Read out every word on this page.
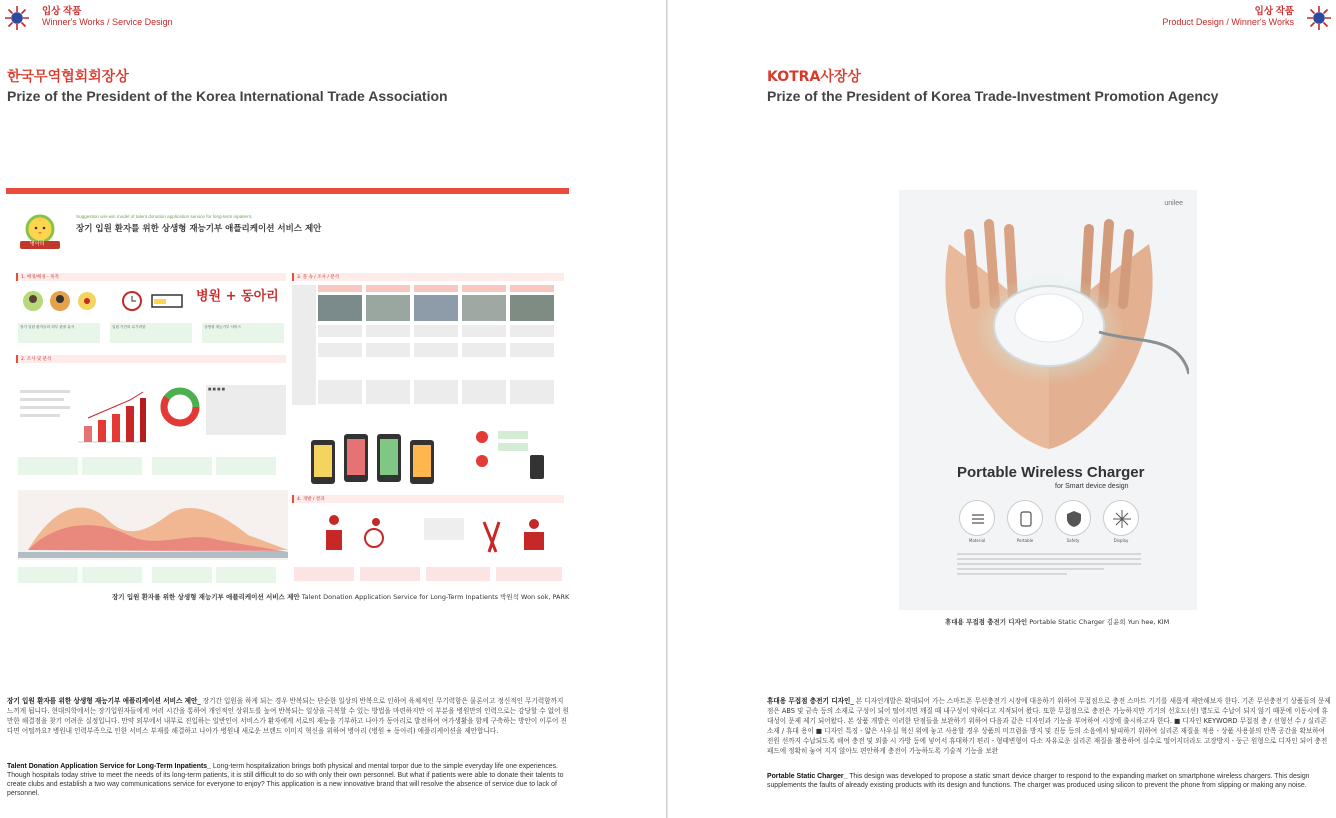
입상 작품
Winner's Works / Service Design
한국무역협회회장상
Prize of the President of the Korea International Trade Association
병아리
Suggestion win-win model of talent donation application service for long-term inpatient.
장기 입원 환자를 위한 상생형 재능기부 애플리케이션 서비스 제안
1. 배경/배경 - 목적
병원 + 동아리
장기 입원 환자들의 외부 관찰 분석	입원 기간의 무기력함	상생형 재능기부 서비스
2. 조사 및 분석
■ ■ ■ ■
3. 플 속 / 조사 / 분석
4. 개발 / 결과
장기 입원 환자를 위한 상생형 재능기부 애플리케이션 서비스 제안 Talent Donation Application Service for Long-Term Inpatients 박원석 Won sok, PARK
장기 입원 환자를 위한 상생형 재능기부 애플리케이션 서비스 제안_ 장기간 입원을 하게 되는 경우 반복되는 단순한 일상의 반복으로 인하여 육체적인 무기력함은 물론이고 정신적인 무기력함까지 느끼게 됩니다. 현대의학에서는 장기입원자들에게 여러 시간을 통하여 개인적인 상위도를 높여 반복되는 일상을 극복할 수 있는 방법을 마련하지만 이 부분을 병원만의 인력으로는 감당할 수 없어 원만한 해결점을 찾기 어려운 실정입니다. 만약 외부에서 내부로 진입하는 일반인이 서비스가 환자에게 서로의 재능을 기부하고 나아가 동아리로 발전하여 여가생활을 함께 구축하는 방안이 이루어 진다면 어떨까요? 병원내 인력부족으로 인한 서비스 부재를 해결하고 나아가 병원내 새로운 브랜드 이미지 혁신을 위하여 병아리 (병원 + 동아리) 애플리케이션을 제안합니다.
Talent Donation Application Service for Long-Term Inpatients_ Long-term hospitalization brings both physical and mental torpor due to the simple everyday life one experiences. Though hospitals today strive to meet the needs of its long-term patients, it is still difficult to do so with only their own personnel. But what if patients were able to donate their talents to create clubs and establish a two way communications service for everyone to enjoy? This application is a new innovative brand that will resolve the absence of service due to lack of personnel.
입상 작품
Product Design / Winner's Works
KOTRA사장상
Prize of the President of Korea Trade-Investment Promotion Agency
휴대용 무접점 충전기 디자인 Portable Static Charger 김윤희 Yun hee, KIM
휴대용 무접점 충전기 디자인_ 본 디자인개발은 확대되어 가는 스마트폰 무선충전기 시장에 대응하기 위하여 무접점으로 충전 스마트 기기를 새롭게 제안해보자 한다. 기존 무선충전기 상품들의 문제점은 ABS 및 금속 등의 소재로 구성이 되어 떨어지면 깨질 때 내구성이 약하다고 지적되어 왔다. 또한 무접점으로 충전은 가능하지만 기기의 선호도(선) 별도로 수납이 되지 않기 때문에 이동시에 휴대성이 문제 제기 되어왔다. 본 상품 개발은 이러한 단점들을 보완하기 위하여 다음과 같은 디자인과 기능을 부여하여 시장에 출시하고자 한다. ■ 디자인 KEYWORD 무접점 충 / 선형선 수 / 실리콘 소재 / 휴대 용이 ■ 디자인 특징 - 얇은 사우실 혁신 위에 놓고 사용할 경우 상품의 미끄럼을 방지 및 진동 등의 소음에서 탈피하기 위하여 실리콘 재질을 적용 - 상품 사용불의 안쪽 공간을 확보하여 전원 선까지 수납되도록 해여 충전 및 외출 시 가방 등에 넣어서 휴대하기 편리 - 형태변형이 다소 자유로운 실리콘 재질을 활용하여 실수로 떨어지더라도 고장방지 - 둥근 원형으로 디자인 되어 충전 패드에 정확히 놓여 지지 않아도 편안하게 충전이 가능하도록 기술적 기능을 보완
Portable Static Charger_ This design was developed to propose a static smart device charger to respond to the expanding market on smartphone wireless chargers. This design supplements the faults of already existing products with its design and functions. The charger was produced using silicon to prevent the phone from slipping or making any noise.
unilee
Portable Wireless Charger
for Smart device design
Material	Portable	Safety	Display
